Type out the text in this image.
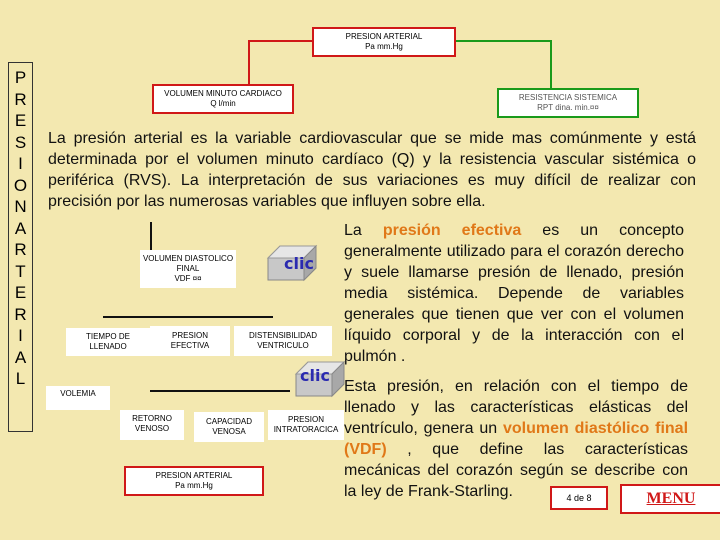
P
R
E
S
I
O
N
A
R
T
E
R
I
A
L
PRESION ARTERIAL
Pa mm.Hg
VOLUMEN MINUTO CARDIACO
Q l/min
RESISTENCIA SISTEMICA
RPT dina. min.¤¤
VOLUMEN DIASTOLICO
FINAL
VDF ¤¤
TIEMPO DE
LLENADO
PRESION
EFECTIVA
DISTENSIBILIDAD
VENTRICULO
VOLEMIA
RETORNO
VENOSO
CAPACIDAD
VENOSA
PRESION
INTRATORACICA
PRESION ARTERIAL
Pa mm.Hg
clic
clic
La presión arterial es la variable cardiovascular que se mide mas comúnmente y está determinada por el volumen minuto cardíaco (Q) y la resistencia vascular sistémica o periférica (RVS). La interpretación de sus variaciones es muy difícil de realizar con precisión por las numerosas variables que influyen sobre ella.
La presión efectiva es un concepto generalmente utilizado para el corazón derecho y suele llamarse presión de llenado, presión media sistémica. Depende de variables generales que tienen que ver con el volumen líquido corporal y de la interacción con el pulmón .
Esta presión, en relación con el tiempo de llenado y las características elásticas del ventrículo, genera un volumen diastólico final (VDF) , que define las características mecánicas del corazón según se describe con la ley de Frank-Starling.	4 de 8	MENU
